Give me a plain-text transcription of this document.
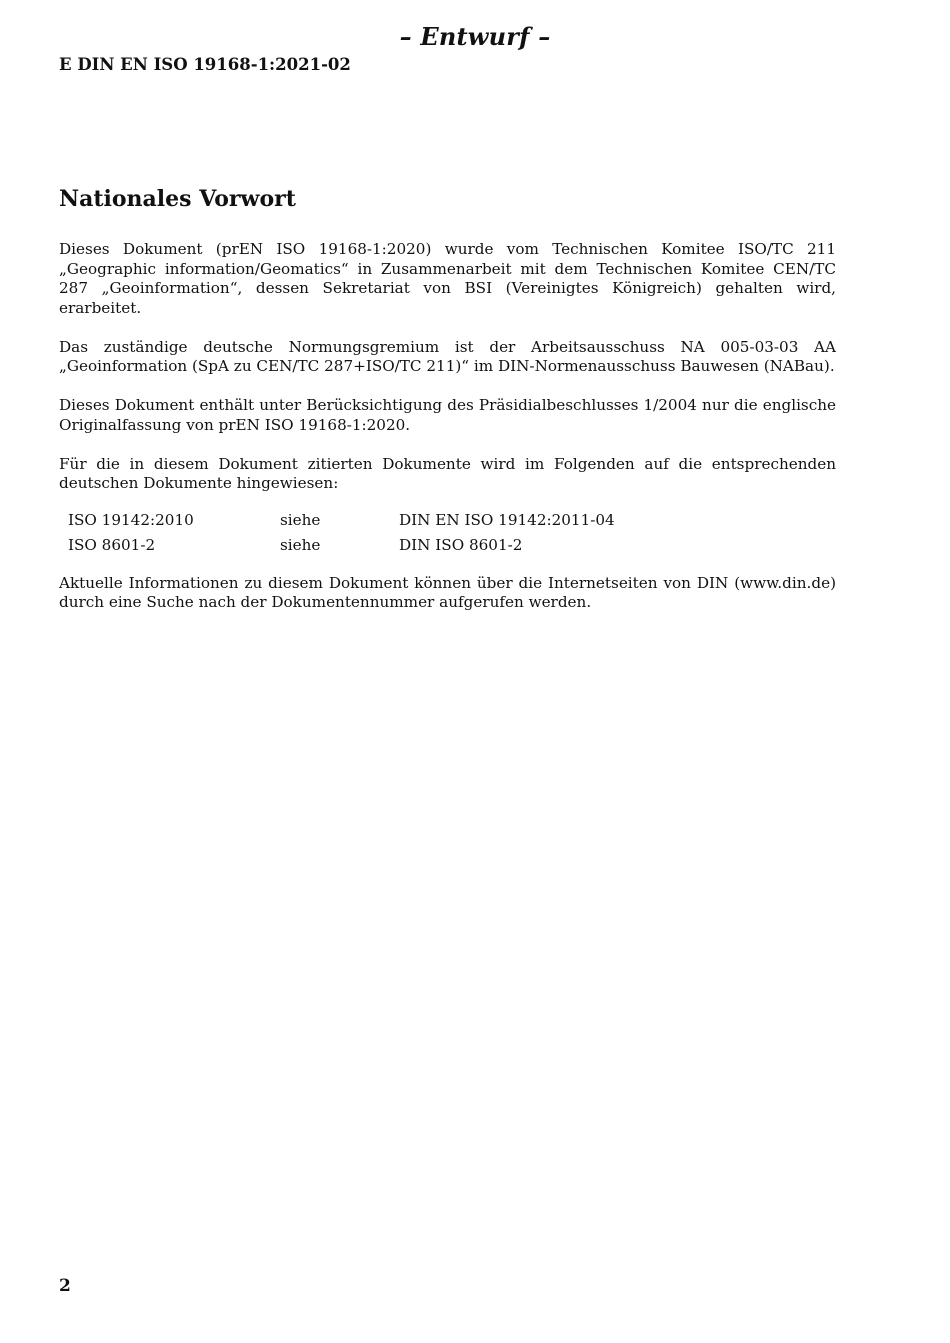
– Entwurf –
E DIN EN ISO 19168-1:2021-02
Nationales Vorwort

Dieses Dokument (prEN ISO 19168-1:2020) wurde vom Technischen Komitee ISO/TC 211 „Geographic information/Geomatics“ in Zusammenarbeit mit dem Technischen Komitee CEN/TC 287 „Geoinformation“, dessen Sekretariat von BSI (Vereinigtes Königreich) gehalten wird, erarbeitet.

Das zuständige deutsche Normungsgremium ist der Arbeitsausschuss NA 005-03-03 AA „Geoinformation (SpA zu CEN/TC 287+ISO/TC 211)“ im DIN-Normenausschuss Bauwesen (NABau).

Dieses Dokument enthält unter Berücksichtigung des Präsidialbeschlusses 1/2004 nur die englische Originalfassung von prEN ISO 19168-1:2020.

Für die in diesem Dokument zitierten Dokumente wird im Folgenden auf die entsprechenden deutschen Dokumente hingewiesen:

ISO 19142:2010	siehe	DIN EN ISO 19142:2011-04
ISO 8601-2	siehe	DIN ISO 8601-2

Aktuelle Informationen zu diesem Dokument können über die Internetseiten von DIN (www.din.de) durch eine Suche nach der Dokumentennummer aufgerufen werden.

2
